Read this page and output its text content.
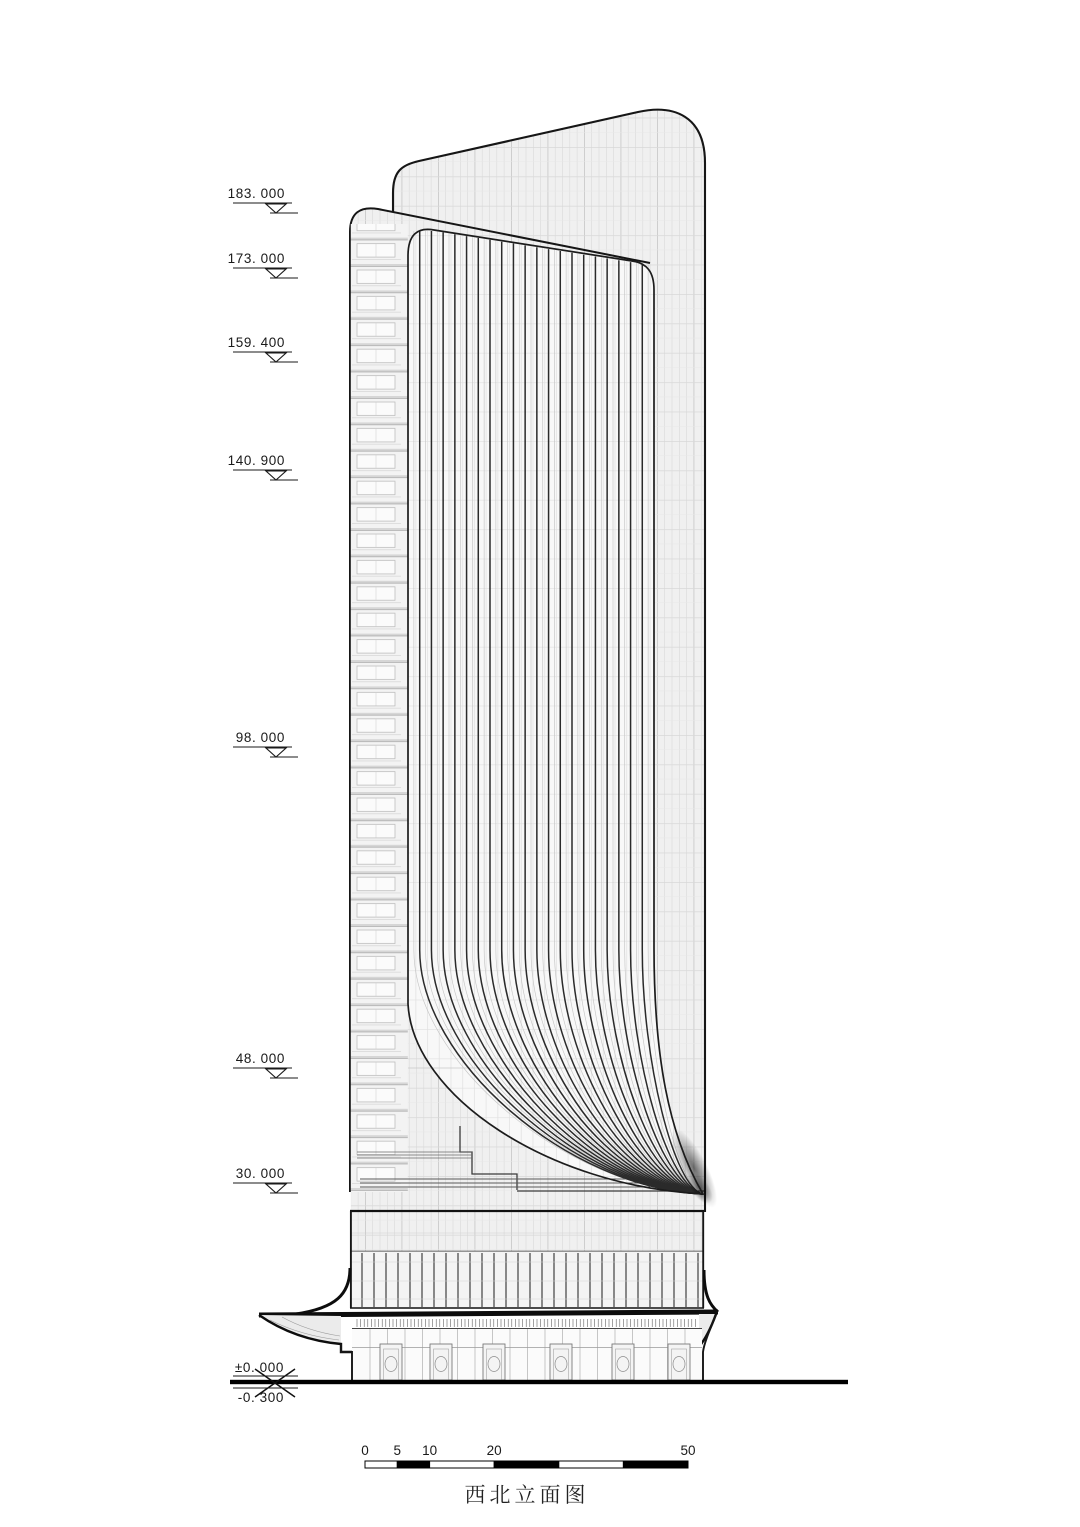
183. 000
173. 000
159. 400
140. 900
98. 000
48. 000
30. 000
±0. 000
-0. 300
0 5 10	20	50
西北立面图
